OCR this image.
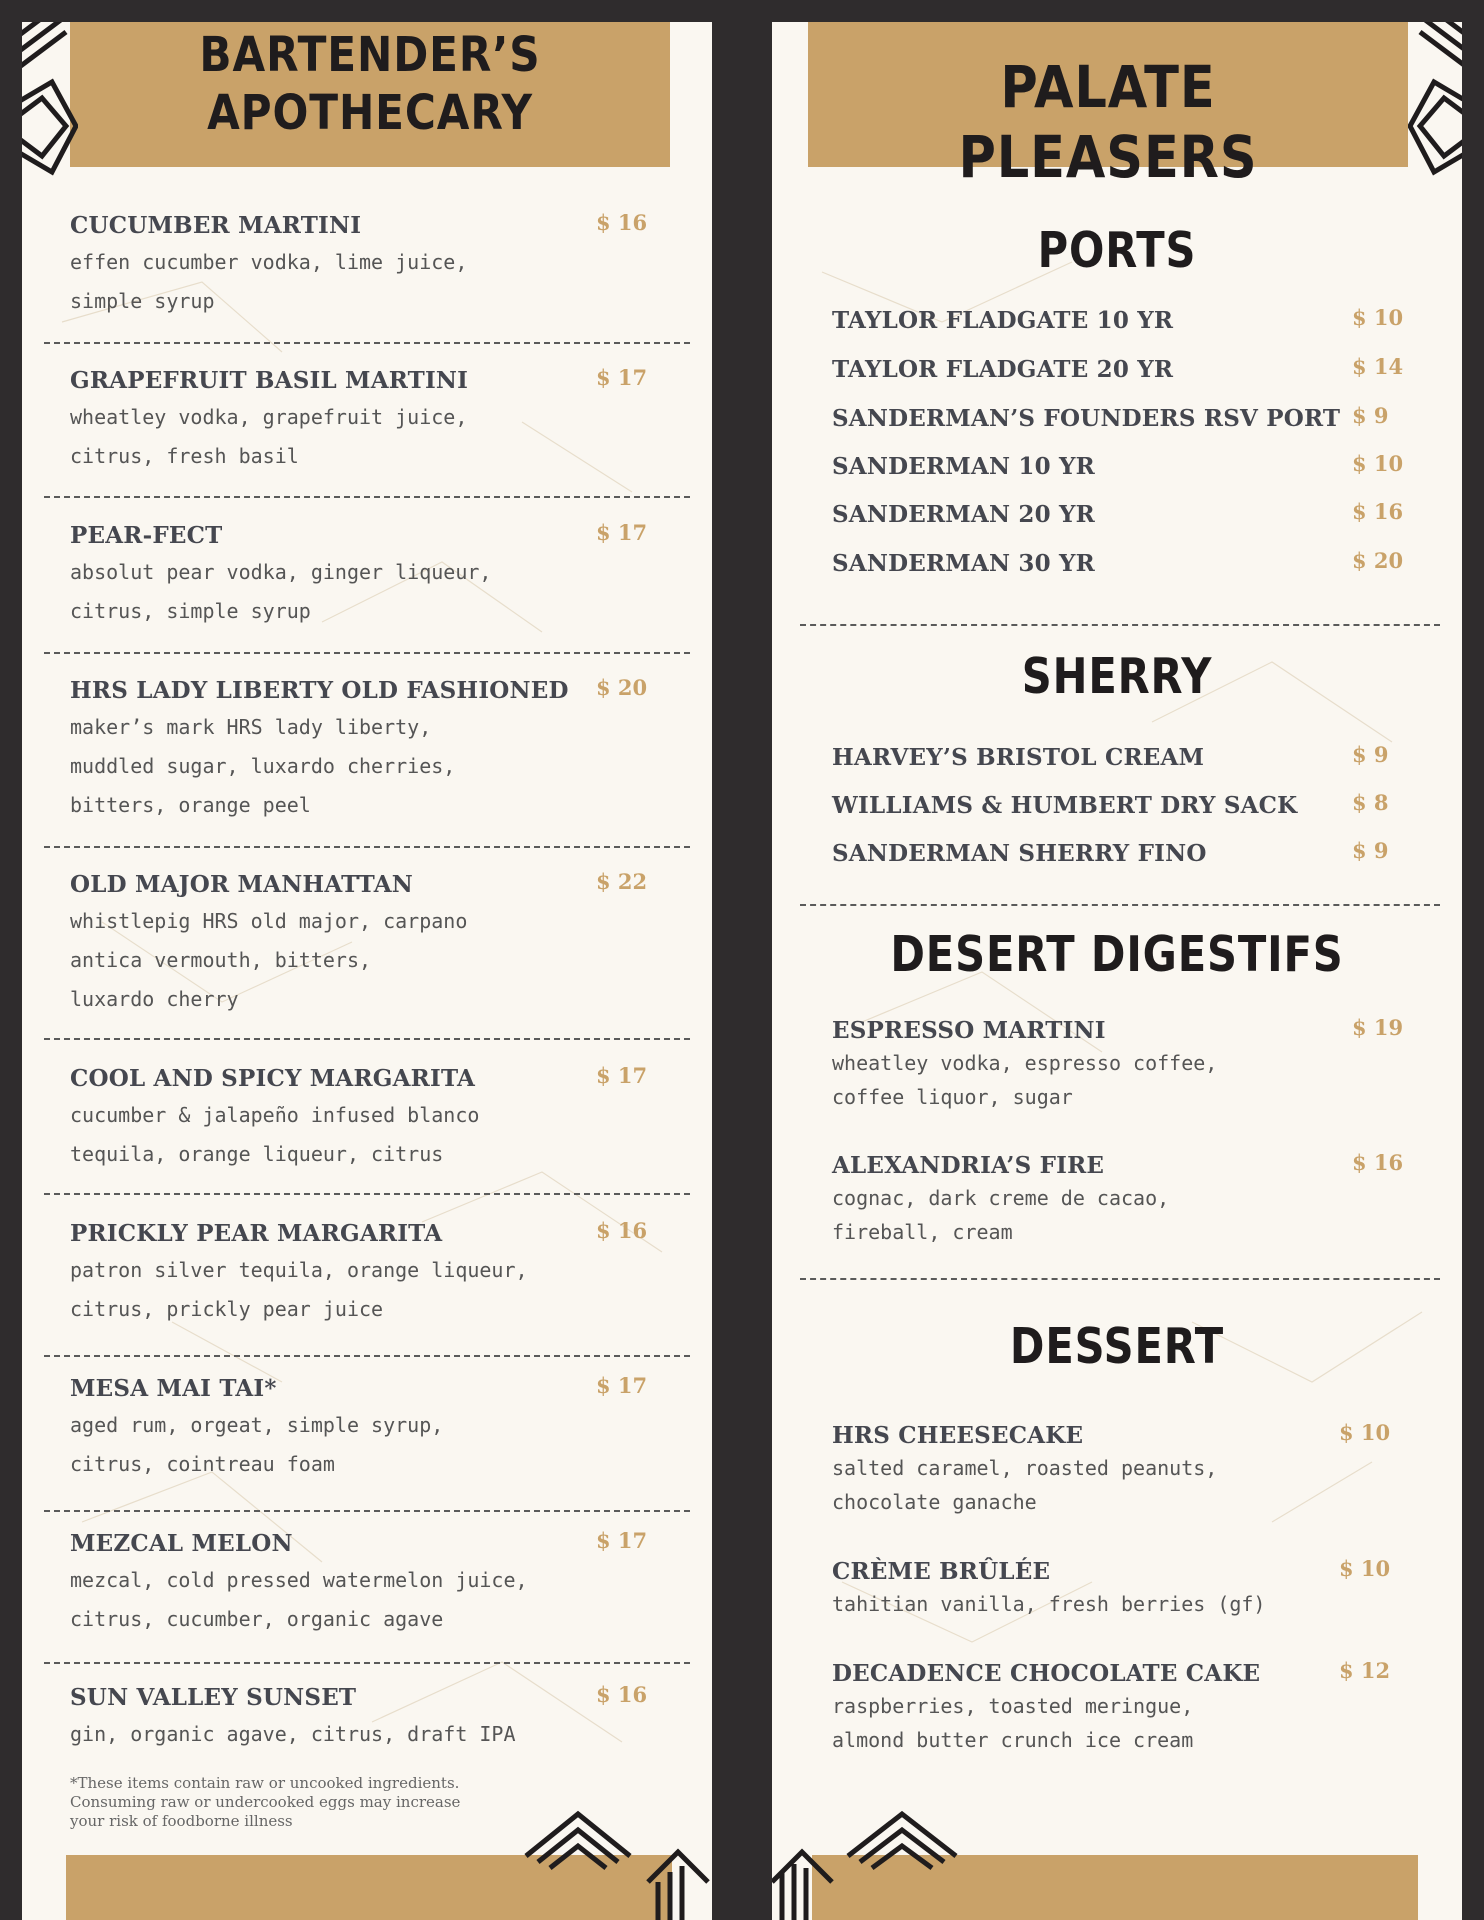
BARTENDER’S
APOTHECARY
CUCUMBER MARTINI	$ 16
effen cucumber vodka, lime juice,
simple syrup
GRAPEFRUIT BASIL MARTINI	$ 17
wheatley vodka, grapefruit juice,
citrus, fresh basil
PEAR-FECT	$ 17
absolut pear vodka, ginger liqueur,
citrus, simple syrup
HRS LADY LIBERTY OLD FASHIONED	$ 20
maker’s mark HRS lady liberty,
muddled sugar, luxardo cherries,
bitters, orange peel
OLD MAJOR MANHATTAN	$ 22
whistlepig HRS old major, carpano
antica vermouth, bitters,
luxardo cherry
COOL AND SPICY MARGARITA	$ 17
cucumber & jalapeño infused blanco
tequila, orange liqueur, citrus
PRICKLY PEAR MARGARITA	$ 16
patron silver tequila, orange liqueur,
citrus, prickly pear juice
MESA MAI TAI*	$ 17
aged rum, orgeat, simple syrup,
citrus, cointreau foam
MEZCAL MELON	$ 17
mezcal, cold pressed watermelon juice,
citrus, cucumber, organic agave
SUN VALLEY SUNSET	$ 16
gin, organic agave, citrus, draft IPA
*These items contain raw or uncooked ingredients.
Consuming raw or undercooked eggs may increase
your risk of foodborne illness
PALATE PLEASERS
PORTS
TAYLOR FLADGATE 10 YR	$ 10
TAYLOR FLADGATE 20 YR	$ 14
SANDERMAN’S FOUNDERS RSV PORT $ 9
SANDERMAN 10 YR	$ 10
SANDERMAN 20 YR	$ 16
SANDERMAN 30 YR	$ 20
SHERRY
HARVEY’S BRISTOL CREAM	$ 9
WILLIAMS & HUMBERT DRY SACK	$ 8
SANDERMAN SHERRY FINO	$ 9
DESERT DIGESTIFS
ESPRESSO MARTINI	$ 19
wheatley vodka, espresso coffee,
coffee liquor, sugar
ALEXANDRIA’S FIRE	$ 16
cognac, dark creme de cacao,
fireball, cream
DESSERT
HRS CHEESECAKE	$ 10
salted caramel, roasted peanuts,
chocolate ganache
CRÈME BRÛLÉE	$ 10
tahitian vanilla, fresh berries (gf)
DECADENCE CHOCOLATE CAKE	$ 12
raspberries, toasted meringue,
almond butter crunch ice cream
